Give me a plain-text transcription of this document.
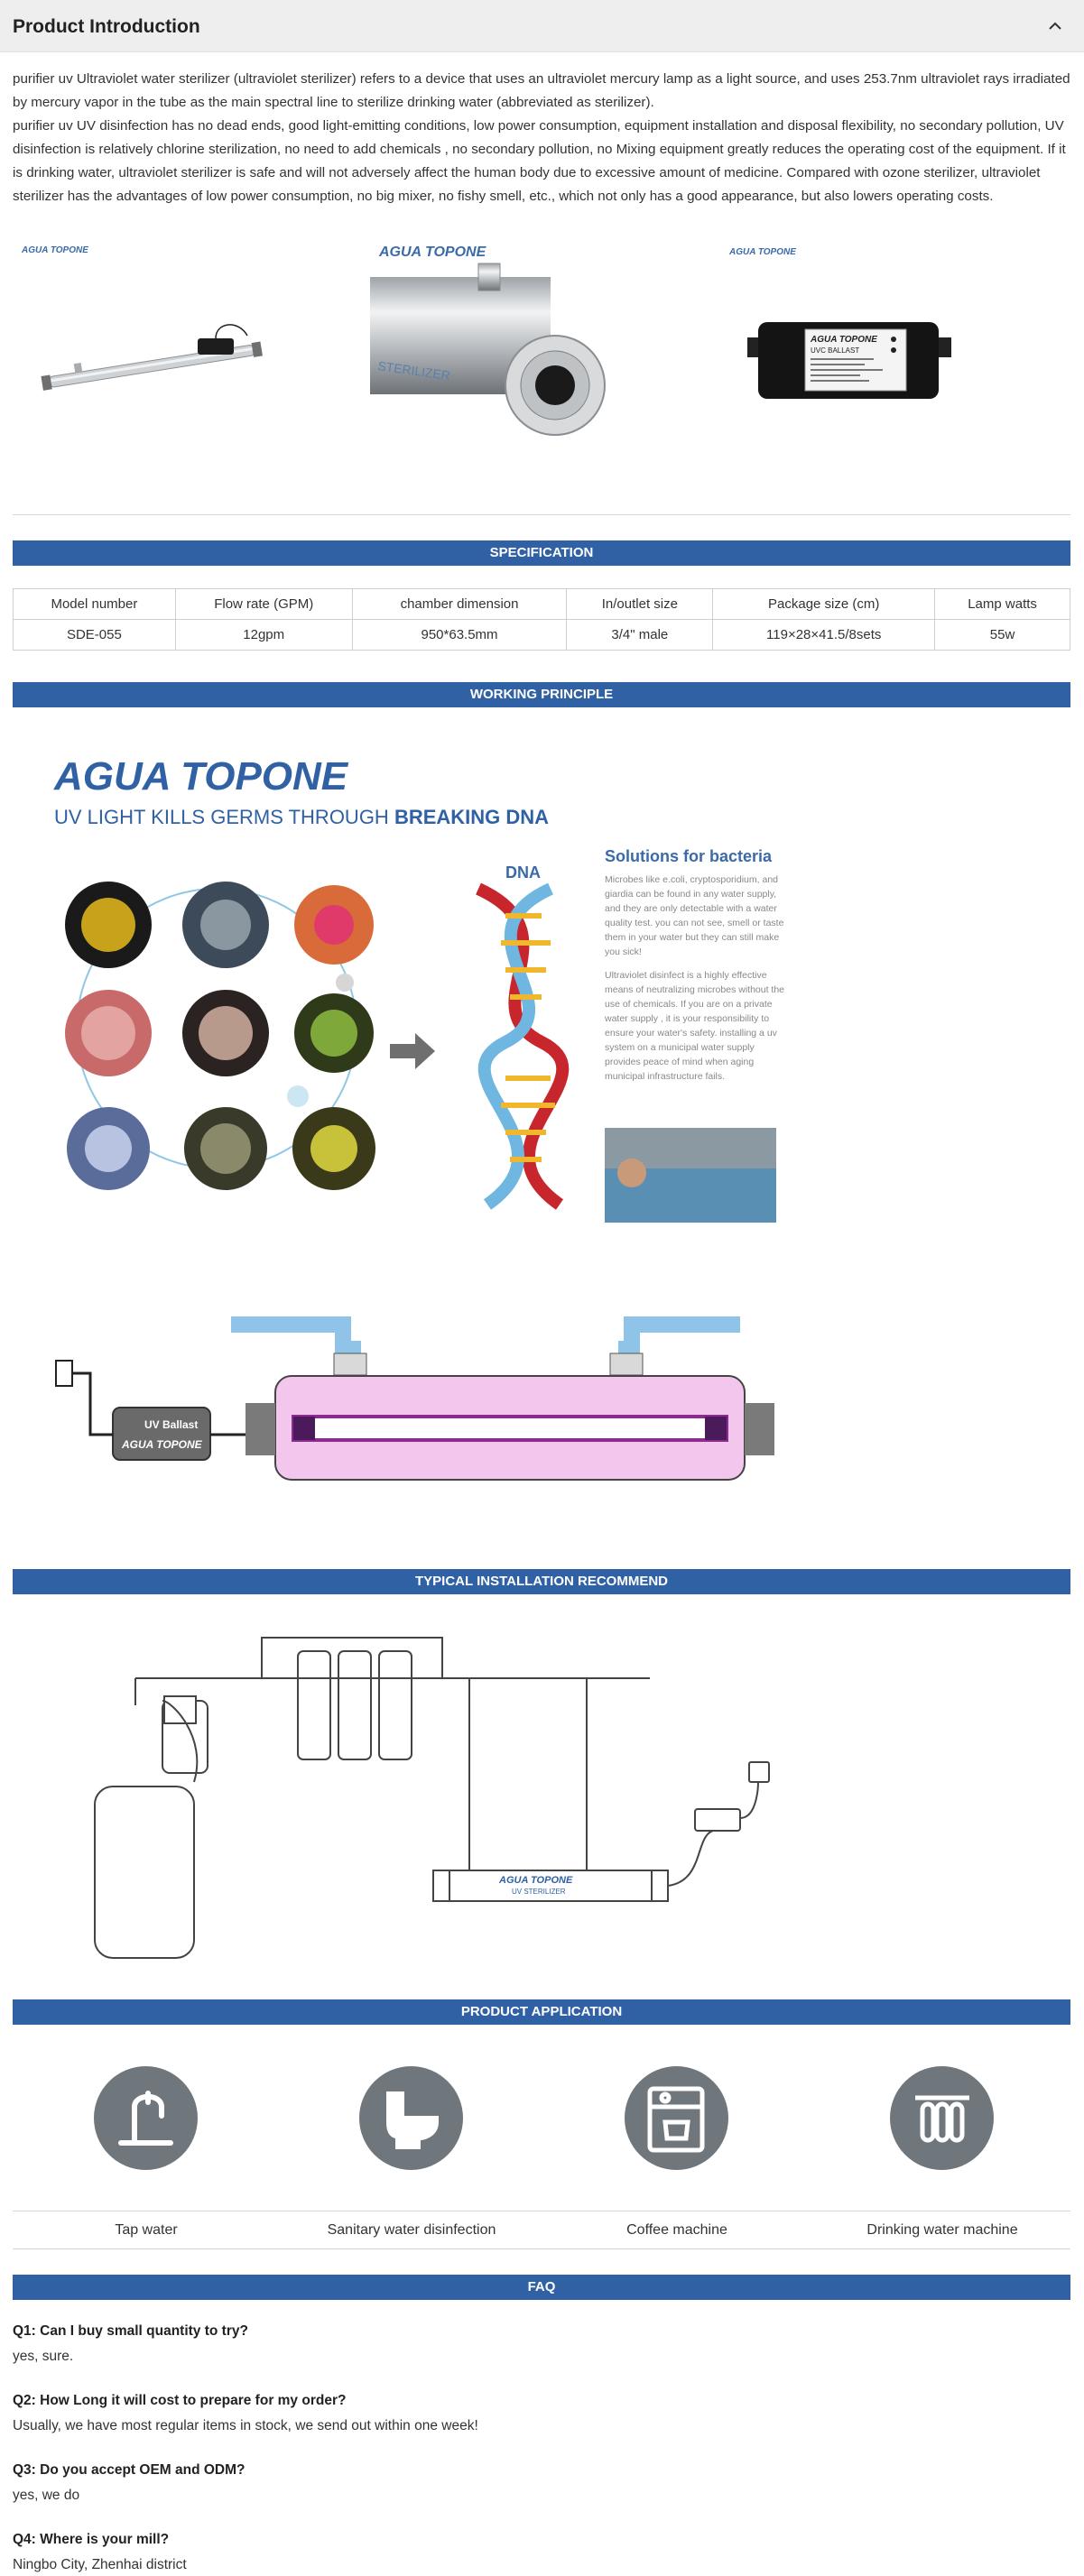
Product Introduction

purifier uv Ultraviolet water sterilizer (ultraviolet sterilizer) refers to a device that uses an ultraviolet mercury lamp as a light source, and uses 253.7nm ultraviolet rays irradiated by mercury vapor in the tube as the main spectral line to sterilize drinking water (abbreviated as sterilizer).

purifier uv UV disinfection has no dead ends, good light-emitting conditions, low power consumption, equipment installation and disposal flexibility, no secondary pollution, UV disinfection is relatively chlorine sterilization, no need to add chemicals , no secondary pollution, no Mixing equipment greatly reduces the operating cost of the equipment. If it is drinking water, ultraviolet sterilizer is safe and will not adversely affect the human body due to excessive amount of medicine. Compared with ozone sterilizer, ultraviolet sterilizer has the advantages of low power consumption, no big mixer, no fishy smell, etc., which not only has a good appearance, but also lowers operating costs.

AGUA TOPONE	AGUA TOPONE
STERILIZER
AGUA TOPONE
AGUA TOPONE
UVC BALLAST
SPECIFICATION
Model number	Flow rate (GPM)	chamber dimension	In/outlet size	Package size (cm)	Lamp watts
SDE-055	12gpm	950*63.5mm	3/4" male	119×28×41.5/8sets	55w
WORKING PRINCIPLE
AGUA TOPONE
UV LIGHT KILLS GERMS THROUGH BREAKING DNA
DNA
Solutions for bacteria
Microbes like e.coli, cryptosporidium, and giardia can be found in any water supply, and they are only detectable with a water quality test. you can not see, smell or taste them in your water but they can still make you sick!
Ultraviolet disinfect is a highly effective means of neutralizing microbes without the use of chemicals. If you are on a private water supply , it is your responsibility to ensure your water's safety. installing a uv system on a municipal water supply provides peace of mind when aging municipal infrastructure fails.
UV Ballast
AGUA TOPONE
TYPICAL INSTALLATION RECOMMEND
AGUA TOPONE
UV STERILIZER
PRODUCT APPLICATION
Tap water	Sanitary water disinfection	Coffee machine	Drinking water machine
FAQ
Q1: Can I buy small quantity to try?
yes, sure.
Q2: How Long it will cost to prepare for my order?
Usually, we have most regular items in stock, we send out within one week!
Q3: Do you accept OEM and ODM?
yes, we do
Q4: Where is your mill?
Ningbo City, Zhenhai district
